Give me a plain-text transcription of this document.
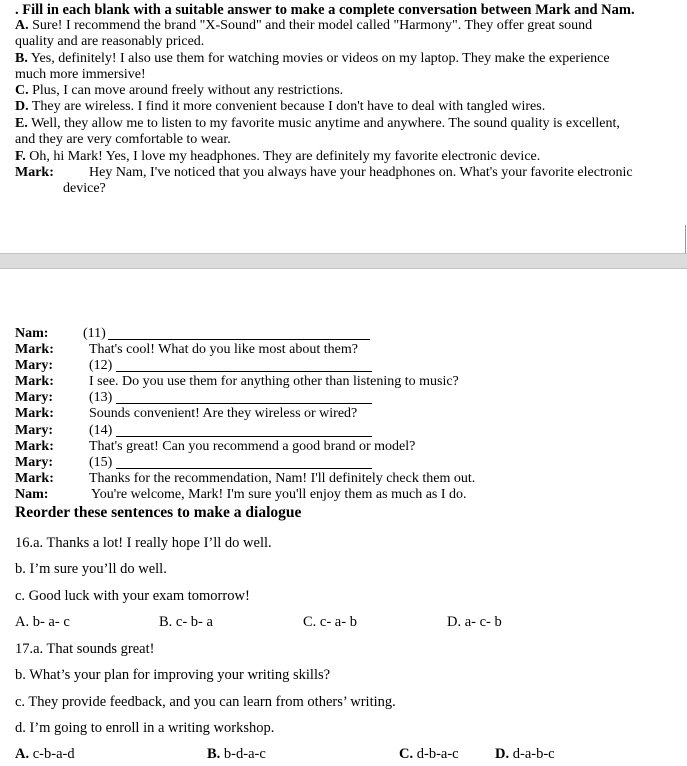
. Fill in each blank with a suitable answer to make a complete conversation between Mark and Nam.
A. Sure! I recommend the brand "X-Sound" and their model called "Harmony". They offer great sound
quality and are reasonably priced.
B. Yes, definitely! I also use them for watching movies or videos on my laptop. They make the experience
much more immersive!
C. Plus, I can move around freely without any restrictions.
D. They are wireless. I find it more convenient because I don't have to deal with tangled wires.
E. Well, they allow me to listen to my favorite music anytime and anywhere. The sound quality is excellent,
and they are very comfortable to wear.
F. Oh, hi Mark! Yes, I love my headphones. They are definitely my favorite electronic device.
Mark:	Hey Nam, I've noticed that you always have your headphones on. What's your favorite electronic
device?
Nam: (11)
Mark:	That's cool! What do you like most about them?
Mary:	(12)
Mark:	I see. Do you use them for anything other than listening to music?
Mary:	(13)
Mark:	Sounds convenient! Are they wireless or wired?
Mary:	(14)
Mark:	That's great! Can you recommend a good brand or model?
Mary:	(15)
Mark:	Thanks for the recommendation, Nam! I'll definitely check them out.
Nam:	You're welcome, Mark! I'm sure you'll enjoy them as much as I do.
Reorder these sentences to make a dialogue
16.a. Thanks a lot! I really hope I’ll do well.
b. I’m sure you’ll do well.
c. Good luck with your exam tomorrow!
A. b- a- c	B. c- b- a	C. c- a- b	D. a- c- b
17.a. That sounds great!
b. What’s your plan for improving your writing skills?
c. They provide feedback, and you can learn from others’ writing.
d. I’m going to enroll in a writing workshop.
A. c-b-a-d	B. b-d-a-c	C. d-b-a-c	D. d-a-b-c
